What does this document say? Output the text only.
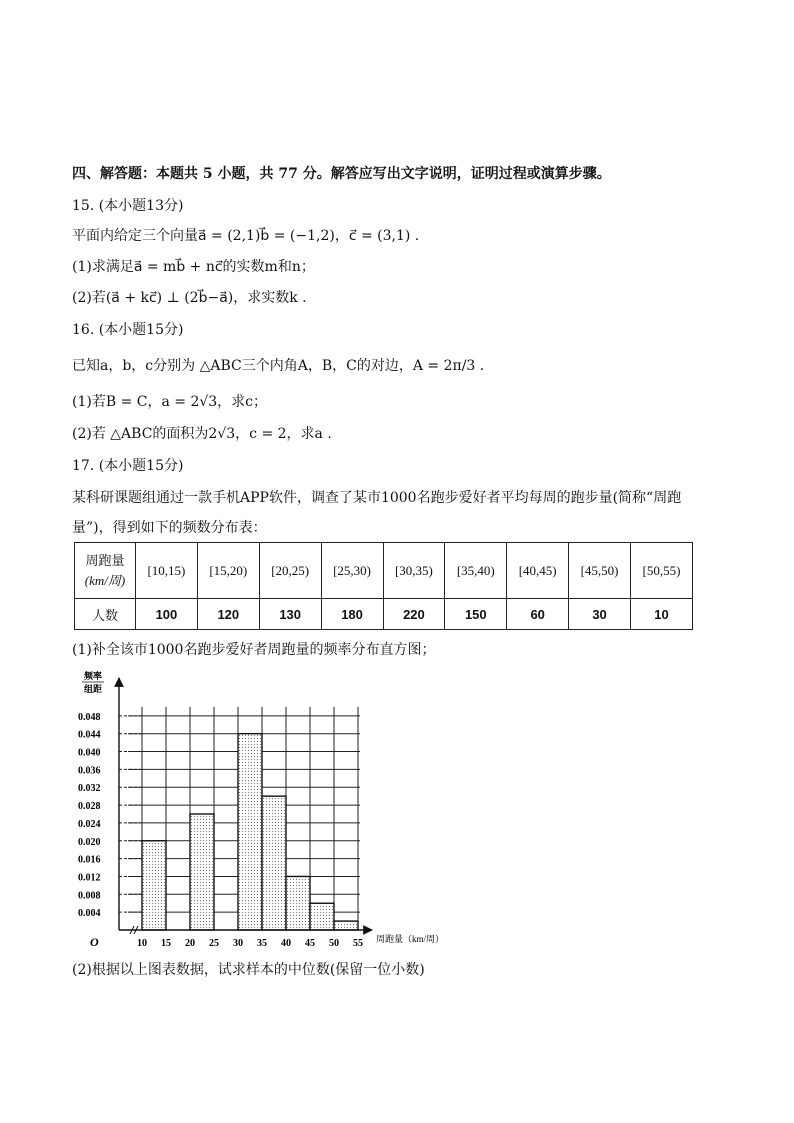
四、解答题：本题共 5 小题，共 77 分。解答应写出文字说明，证明过程或演算步骤。
15. (本小题13分)
平面内给定三个向量a⃗ = (2,1)b⃗ = (−1,2)，c⃗ = (3,1) .
(1)求满足a⃗ = mb⃗ + nc⃗的实数m和n；
(2)若(a⃗ + kc⃗) ⊥ (2b⃗−a⃗)，求实数k .
16. (本小题15分)
已知a，b，c分别为 △ABC三个内角A，B，C的对边，A = 2π/3 .
(1)若B = C，a = 2√3，求c；
(2)若 △ABC的面积为2√3，c = 2，求a .
17. (本小题15分)
某科研课题组通过一款手机APP软件，调查了某市1000名跑步爱好者平均每周的跑步量(简称“周跑
量”)，得到如下的频数分布表：
周跑量
(km/周)	[10,15)	[15,20)	[20,25)	[25,30)	[30,35)	[35,40)	[40,45)	[45,50)	[50,55)
人数	100	120	130	180	220	150	60	30	10
(1)补全该市1000名跑步爱好者周跑量的频率分布直方图；
0.004
0.008
0.012
0.016
0.020
0.024
0.028
0.032
0.036
0.040
0.044
0.048
10 15 20 25 30 35 40 45 50 55
频率
组距
O	周跑量（km/周）
(2)根据以上图表数据，试求样本的中位数(保留一位小数)
